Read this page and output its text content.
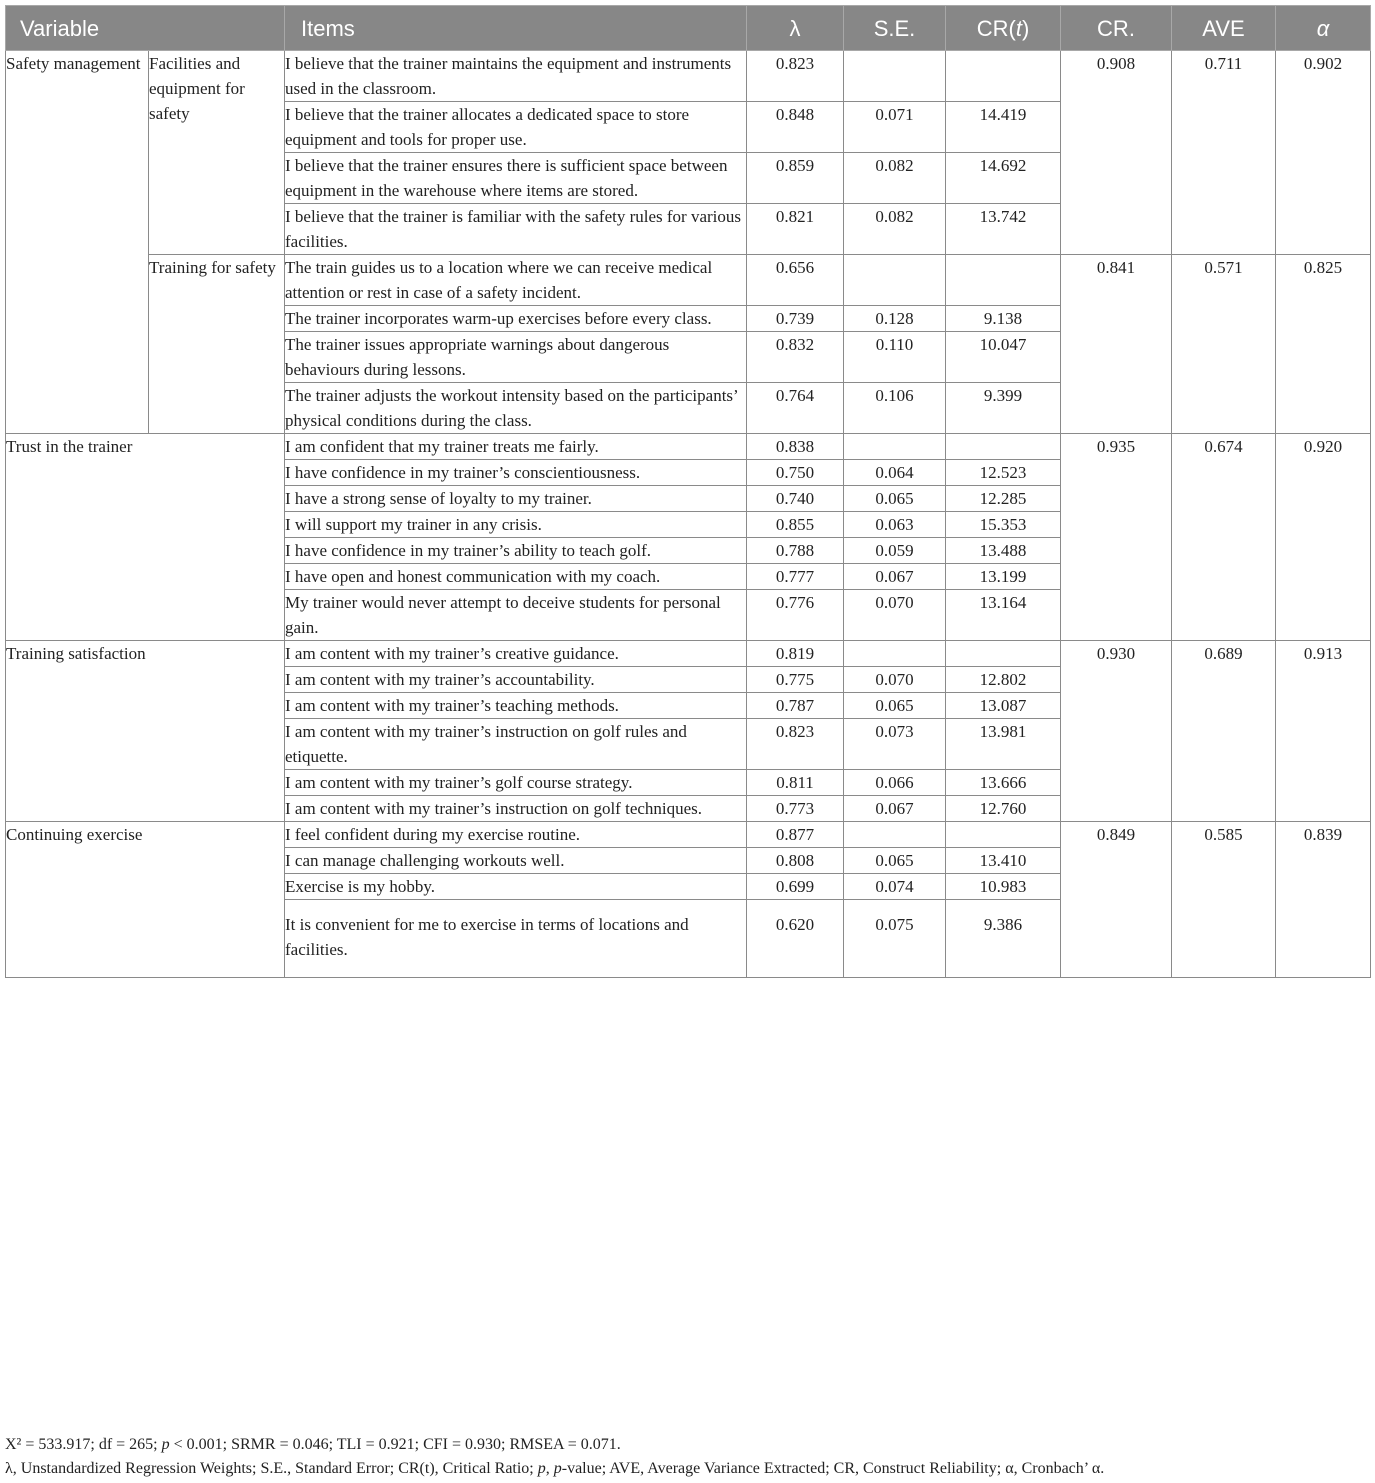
Variable		Items	λ	S.E.	CR(t)	CR.	AVE	α
Safety management	Facilities and equipment for safety	I believe that the trainer maintains the equipment and instruments used in the classroom.	0.823			0.908	0.711	0.902
		I believe that the trainer allocates a dedicated space to store equipment and tools for proper use.	0.848	0.071	14.419			
		I believe that the trainer ensures there is sufficient space between equipment in the warehouse where items are stored.	0.859	0.082	14.692			
		I believe that the trainer is familiar with the safety rules for various facilities.	0.821	0.082	13.742			
	Training for safety	The train guides us to a location where we can receive medical attention or rest in case of a safety incident.	0.656			0.841	0.571	0.825
		The trainer incorporates warm-up exercises before every class.	0.739	0.128	9.138			
		The trainer issues appropriate warnings about dangerous behaviours during lessons.	0.832	0.110	10.047			
		The trainer adjusts the workout intensity based on the participants’ physical conditions during the class.	0.764	0.106	9.399			
Trust in the trainer		I am confident that my trainer treats me fairly.	0.838			0.935	0.674	0.920
		I have confidence in my trainer’s conscientiousness.	0.750	0.064	12.523			
		I have a strong sense of loyalty to my trainer.	0.740	0.065	12.285			
		I will support my trainer in any crisis.	0.855	0.063	15.353			
		I have confidence in my trainer’s ability to teach golf.	0.788	0.059	13.488			
		I have open and honest communication with my coach.	0.777	0.067	13.199			
		My trainer would never attempt to deceive students for personal gain.	0.776	0.070	13.164			
Training satisfaction		I am content with my trainer’s creative guidance.	0.819			0.930	0.689	0.913
		I am content with my trainer’s accountability.	0.775	0.070	12.802			
		I am content with my trainer’s teaching methods.	0.787	0.065	13.087			
		I am content with my trainer’s instruction on golf rules and etiquette.	0.823	0.073	13.981			
		I am content with my trainer’s golf course strategy.	0.811	0.066	13.666			
		I am content with my trainer’s instruction on golf techniques.	0.773	0.067	12.760			
Continuing exercise		I feel confident during my exercise routine.	0.877			0.849	0.585	0.839
		I can manage challenging workouts well.	0.808	0.065	13.410			
		Exercise is my hobby.	0.699	0.074	10.983			
		It is convenient for me to exercise in terms of locations and facilities.	0.620	0.075	9.386			
X² = 533.917; df = 265; p < 0.001; SRMR = 0.046; TLI = 0.921; CFI = 0.930; RMSEA = 0.071.
λ, Unstandardized Regression Weights; S.E., Standard Error; CR(t), Critical Ratio; p, p-value; AVE, Average Variance Extracted; CR, Construct Reliability; α, Cronbach’ α.
